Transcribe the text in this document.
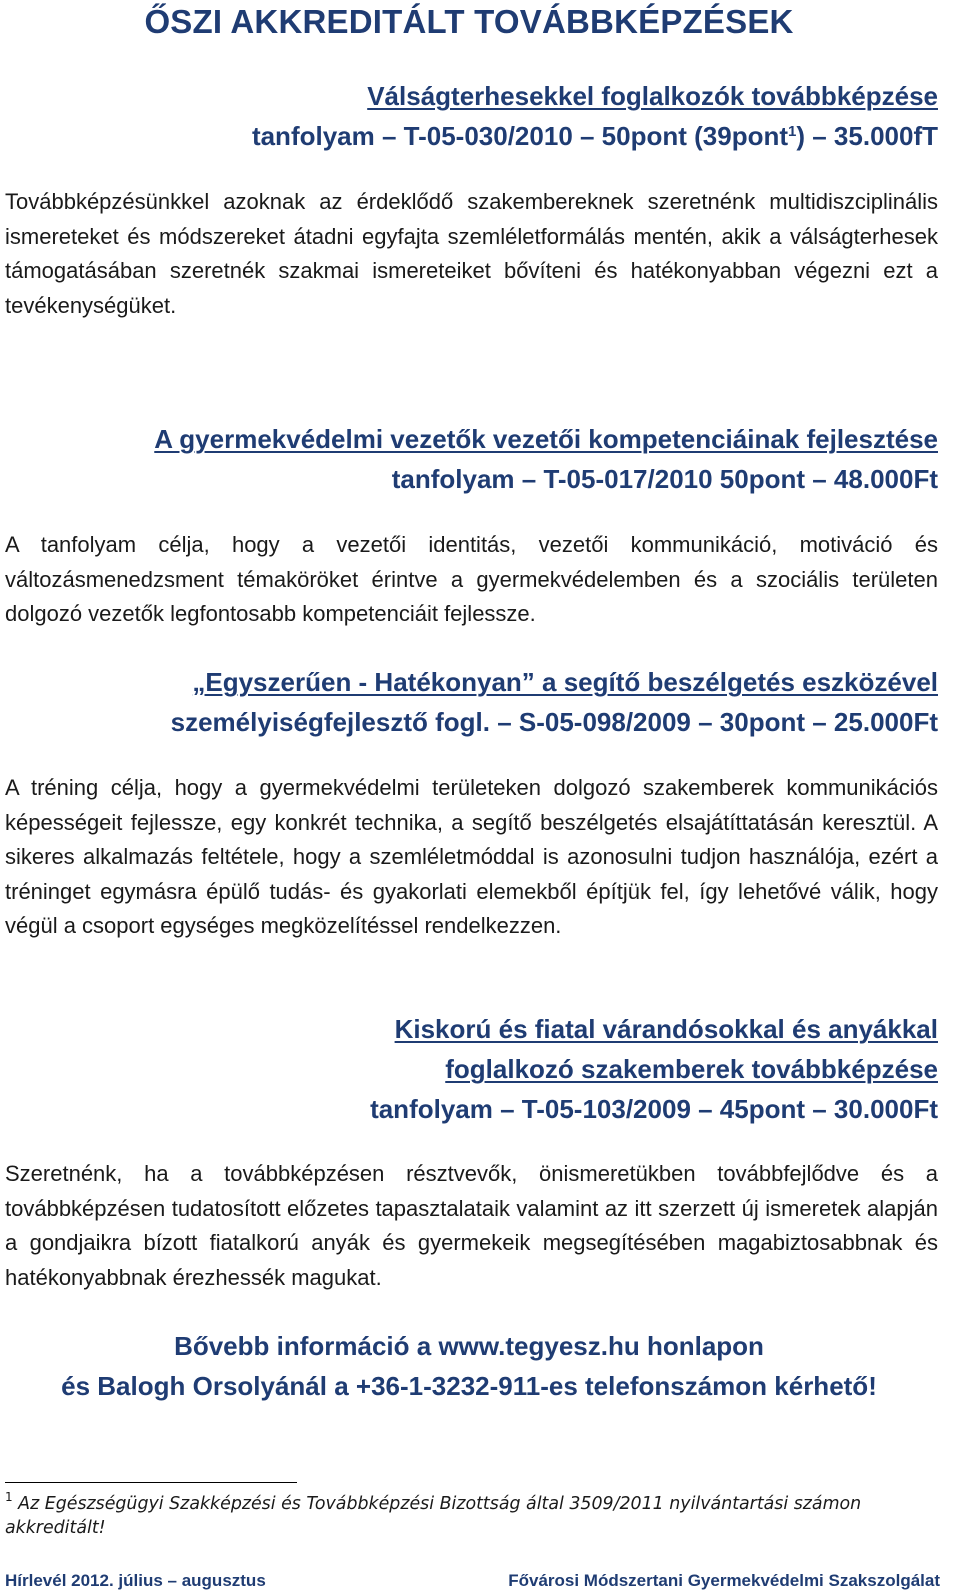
ŐSZI AKKREDITÁLT TOVÁBBKÉPZÉSEK
Válságterhesekkel foglalkozók továbbképzése
tanfolyam – T-05-030/2010 – 50pont (39pont$^1$) – 35.000fT

Továbbképzésünkkel azoknak az érdeklődő szakembereknek szeretnénk multidiszciplinális ismereteket és módszereket átadni egyfajta szemléletformálás mentén, akik a válságterhesek támogatásában szeretnék szakmai ismereteiket bővíteni és hatékonyabban végezni ezt a tevékenységüket.

A gyermekvédelmi vezetők vezetői kompetenciáinak fejlesztése
tanfolyam – T-05-017/2010 50pont – 48.000Ft

A tanfolyam célja, hogy a vezetői identitás, vezetői kommunikáció, motiváció és változásmenedzsment témaköröket érintve a gyermekvédelemben és a szociális területen dolgozó vezetők legfontosabb kompetenciáit fejlessze.

„Egyszerűen - Hatékonyan” a segítő beszélgetés eszközével
személyiségfejlesztő fogl. – S-05-098/2009 – 30pont – 25.000Ft

A tréning célja, hogy a gyermekvédelmi területeken dolgozó szakemberek kommunikációs képességeit fejlessze, egy konkrét technika, a segítő beszélgetés elsajátíttatásán keresztül. A sikeres alkalmazás feltétele, hogy a szemléletmóddal is azonosulni tudjon használója, ezért a tréninget egymásra épülő tudás- és gyakorlati elemekből építjük fel, így lehetővé válik, hogy végül a csoport egységes megközelítéssel rendelkezzen.

Kiskorú és fiatal várandósokkal és anyákkal
foglalkozó szakemberek továbbképzése
tanfolyam – T-05-103/2009 – 45pont – 30.000Ft

Szeretnénk, ha a továbbképzésen résztvevők, önismeretükben továbbfejlődve és a továbbképzésen tudatosított előzetes tapasztalataik valamint az itt szerzett új ismeretek alapján a gondjaikra bízott fiatalkorú anyák és gyermekeik megsegítésében magabiztosabbnak és hatékonyabbnak érezhessék magukat.

Bővebb információ a www.tegyesz.hu honlapon
és Balogh Orsolyánál a +36-1-3232-911-es telefonszámon kérhető!
$^1$ Az Egészségügyi Szakképzési és Továbbképzési Bizottság által 3509/2011 nyilvántartási számon akkreditált!
Hírlevél 2012. július – augusztus	Fővárosi Módszertani Gyermekvédelmi Szakszolgálat
